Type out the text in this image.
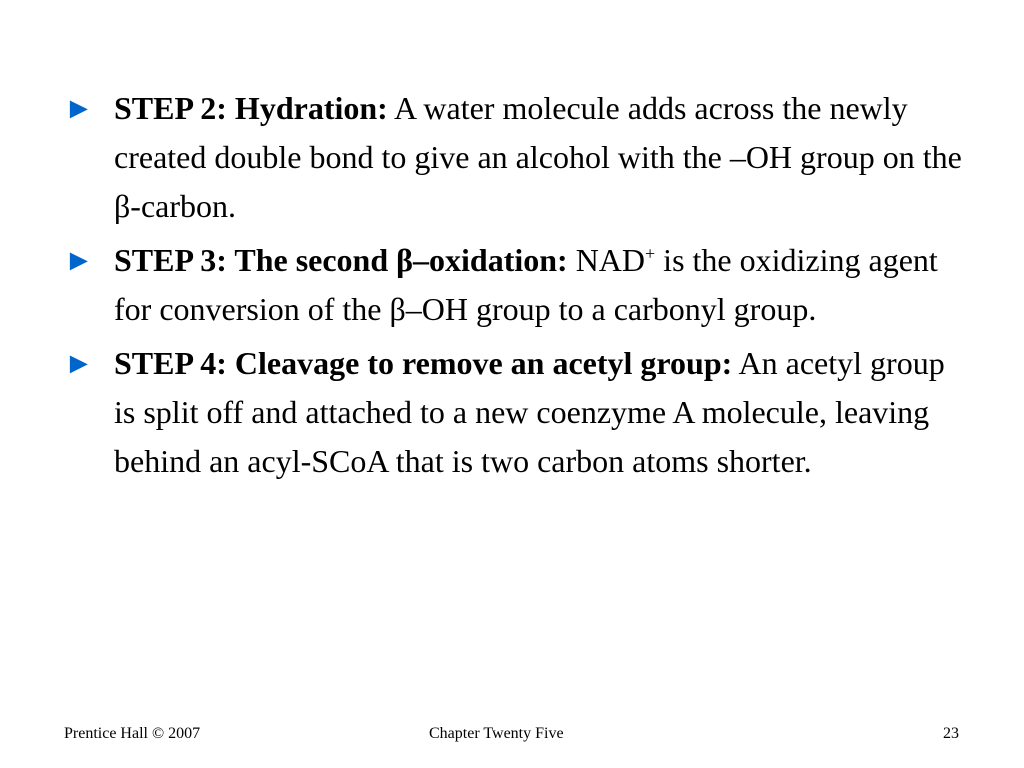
► STEP 2: Hydration: A water molecule adds across the newly created double bond to give an alcohol with the –OH group on the β-carbon.
► STEP 3: The second β–oxidation: NAD+ is the oxidizing agent for conversion of the β–OH group to a carbonyl group.
► STEP 4: Cleavage to remove an acetyl group: An acetyl group is split off and attached to a new coenzyme A molecule, leaving behind an acyl-SCoA that is two carbon atoms shorter.
Prentice Hall © 2007	Chapter Twenty Five	23
